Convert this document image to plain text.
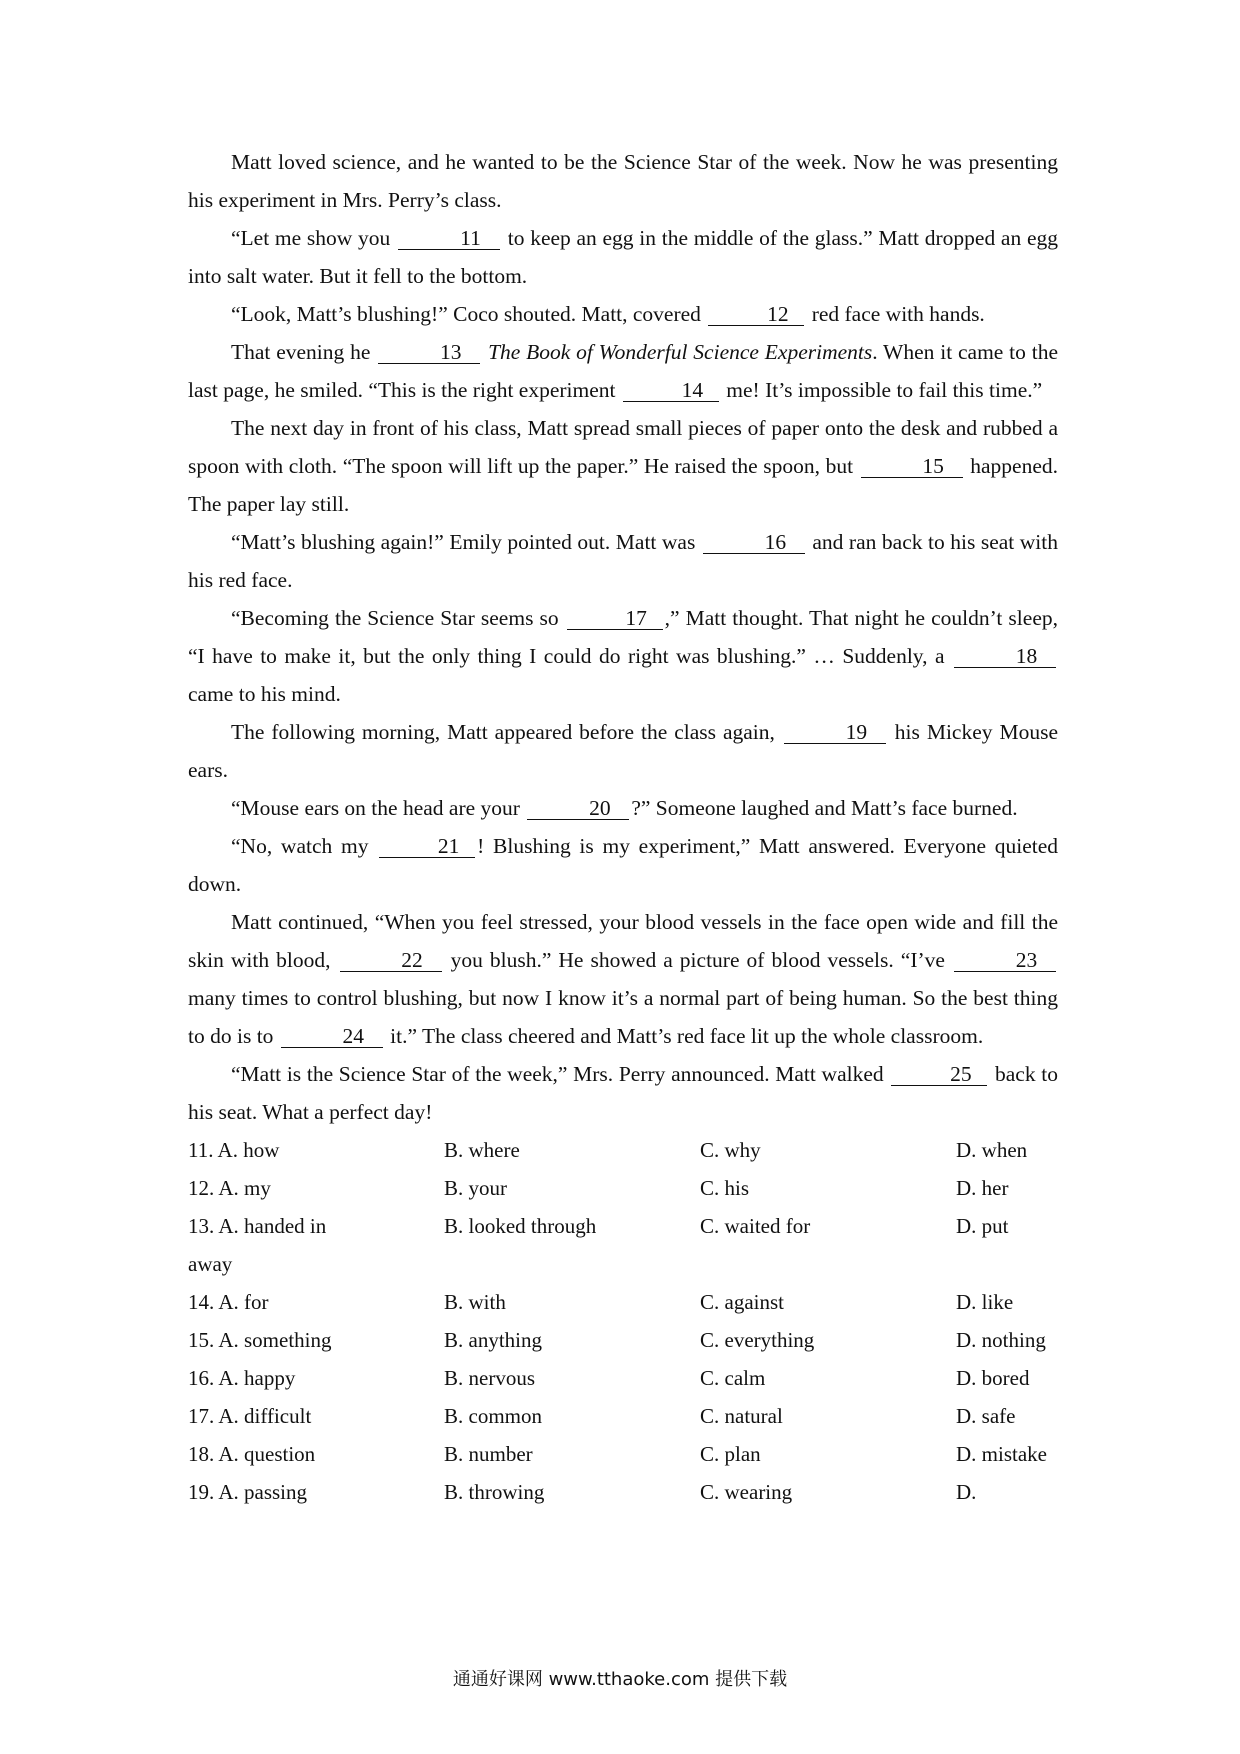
Matt loved science, and he wanted to be the Science Star of the week. Now he was presenting his experiment in Mrs. Perry’s class.

“Let me show you	11 to keep an egg in the middle of the glass.” Matt dropped an egg into salt water. But it fell to the bottom.

“Look, Matt’s blushing!” Coco shouted. Matt, covered	12 red face with hands.

That evening he	13 The Book of Wonderful Science Experiments. When it came to the last page, he smiled. “This is the right experiment	14 me! It’s impossible to fail this time.”

The next day in front of his class, Matt spread small pieces of paper onto the desk and rubbed a spoon with cloth. “The spoon will lift up the paper.” He raised the spoon, but	15 happened. The paper lay still.

“Matt’s blushing again!” Emily pointed out. Matt was	16 and ran back to his seat with his red face.

“Becoming the Science Star seems so	17 ,” Matt thought. That night he couldn’t sleep, “I have to make it, but the only thing I could do right was blushing.” … Suddenly, a	18 came to his mind.

The following morning, Matt appeared before the class again,	19 his Mickey Mouse ears.

“Mouse ears on the head are your	20 ?” Someone laughed and Matt’s face burned.

“No, watch my	21 ! Blushing is my experiment,” Matt answered. Everyone quieted down.

Matt continued, “When you feel stressed, your blood vessels in the face open wide and fill the skin with blood,	22 you blush.” He showed a picture of blood vessels. “I’ve	23 many times to control blushing, but now I know it’s a normal part of being human. So the best thing to do is to	24 it.” The class cheered and Matt’s red face lit up the whole classroom.

“Matt is the Science Star of the week,” Mrs. Perry announced. Matt walked	25 back to his seat. What a perfect day!

11. A. how	B. where	C. why	D. when
12. A. my	B. your	C. his	D. her
13. A. handed in	B. looked through	C. waited for	D. put
away
14. A. for	B. with	C. against	D. like
15. A. something	B. anything	C. everything	D. nothing
16. A. happy	B. nervous	C. calm	D. bored
17. A. difficult	B. common	C. natural	D. safe
18. A. question	B. number	C. plan	D. mistake
19. A. passing	B. throwing	C. wearing	D.
通通好课网 www.tthaoke.com 提供下载
